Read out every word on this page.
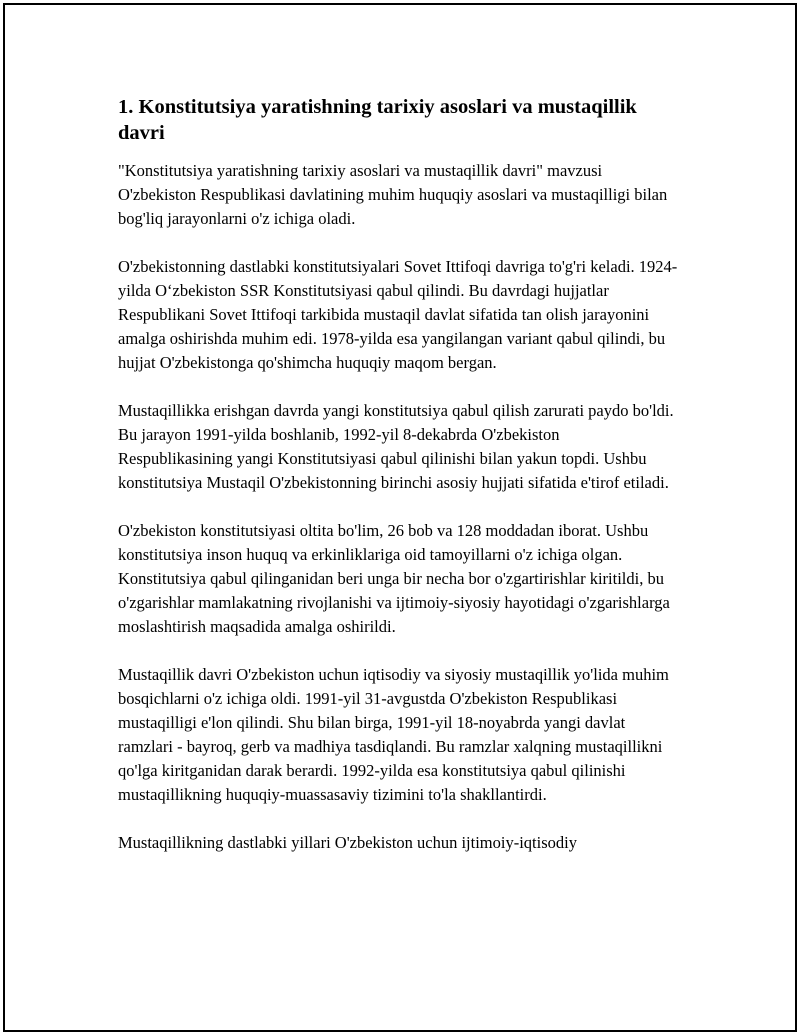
1. Konstitutsiya yaratishning tarixiy asoslari va mustaqillik davri

"Konstitutsiya yaratishning tarixiy asoslari va mustaqillik davri" mavzusi O'zbekiston Respublikasi davlatining muhim huquqiy asoslari va mustaqilligi bilan bog'liq jarayonlarni o'z ichiga oladi.

O'zbekistonning dastlabki konstitutsiyalari Sovet Ittifoqi davriga to'g'ri keladi. 1924-yilda O‘zbekiston SSR Konstitutsiyasi qabul qilindi. Bu davrdagi hujjatlar Respublikani Sovet Ittifoqi tarkibida mustaqil davlat sifatida tan olish jarayonini amalga oshirishda muhim edi. 1978-yilda esa yangilangan variant qabul qilindi, bu hujjat O'zbekistonga qo'shimcha huquqiy maqom bergan.

Mustaqillikka erishgan davrda yangi konstitutsiya qabul qilish zarurati paydo bo'ldi. Bu jarayon 1991-yilda boshlanib, 1992-yil 8-dekabrda O'zbekiston Respublikasining yangi Konstitutsiyasi qabul qilinishi bilan yakun topdi. Ushbu konstitutsiya Mustaqil O'zbekistonning birinchi asosiy hujjati sifatida e'tirof etiladi.

O'zbekiston konstitutsiyasi oltita bo'lim, 26 bob va 128 moddadan iborat. Ushbu konstitutsiya inson huquq va erkinliklariga oid tamoyillarni o'z ichiga olgan. Konstitutsiya qabul qilinganidan beri unga bir necha bor o'zgartirishlar kiritildi, bu o'zgarishlar mamlakatning rivojlanishi va ijtimoiy-siyosiy hayotidagi o'zgarishlarga moslashtirish maqsadida amalga oshirildi.

Mustaqillik davri O'zbekiston uchun iqtisodiy va siyosiy mustaqillik yo'lida muhim bosqichlarni o'z ichiga oldi. 1991-yil 31-avgustda O'zbekiston Respublikasi mustaqilligi e'lon qilindi. Shu bilan birga, 1991-yil 18-noyabrda yangi davlat ramzlari - bayroq, gerb va madhiya tasdiqlandi. Bu ramzlar xalqning mustaqillikni qo'lga kiritganidan darak berardi. 1992-yilda esa konstitutsiya qabul qilinishi mustaqillikning huquqiy-muassasaviy tizimini to'la shakllantirdi.

Mustaqillikning dastlabki yillari O'zbekiston uchun ijtimoiy-iqtisodiy
